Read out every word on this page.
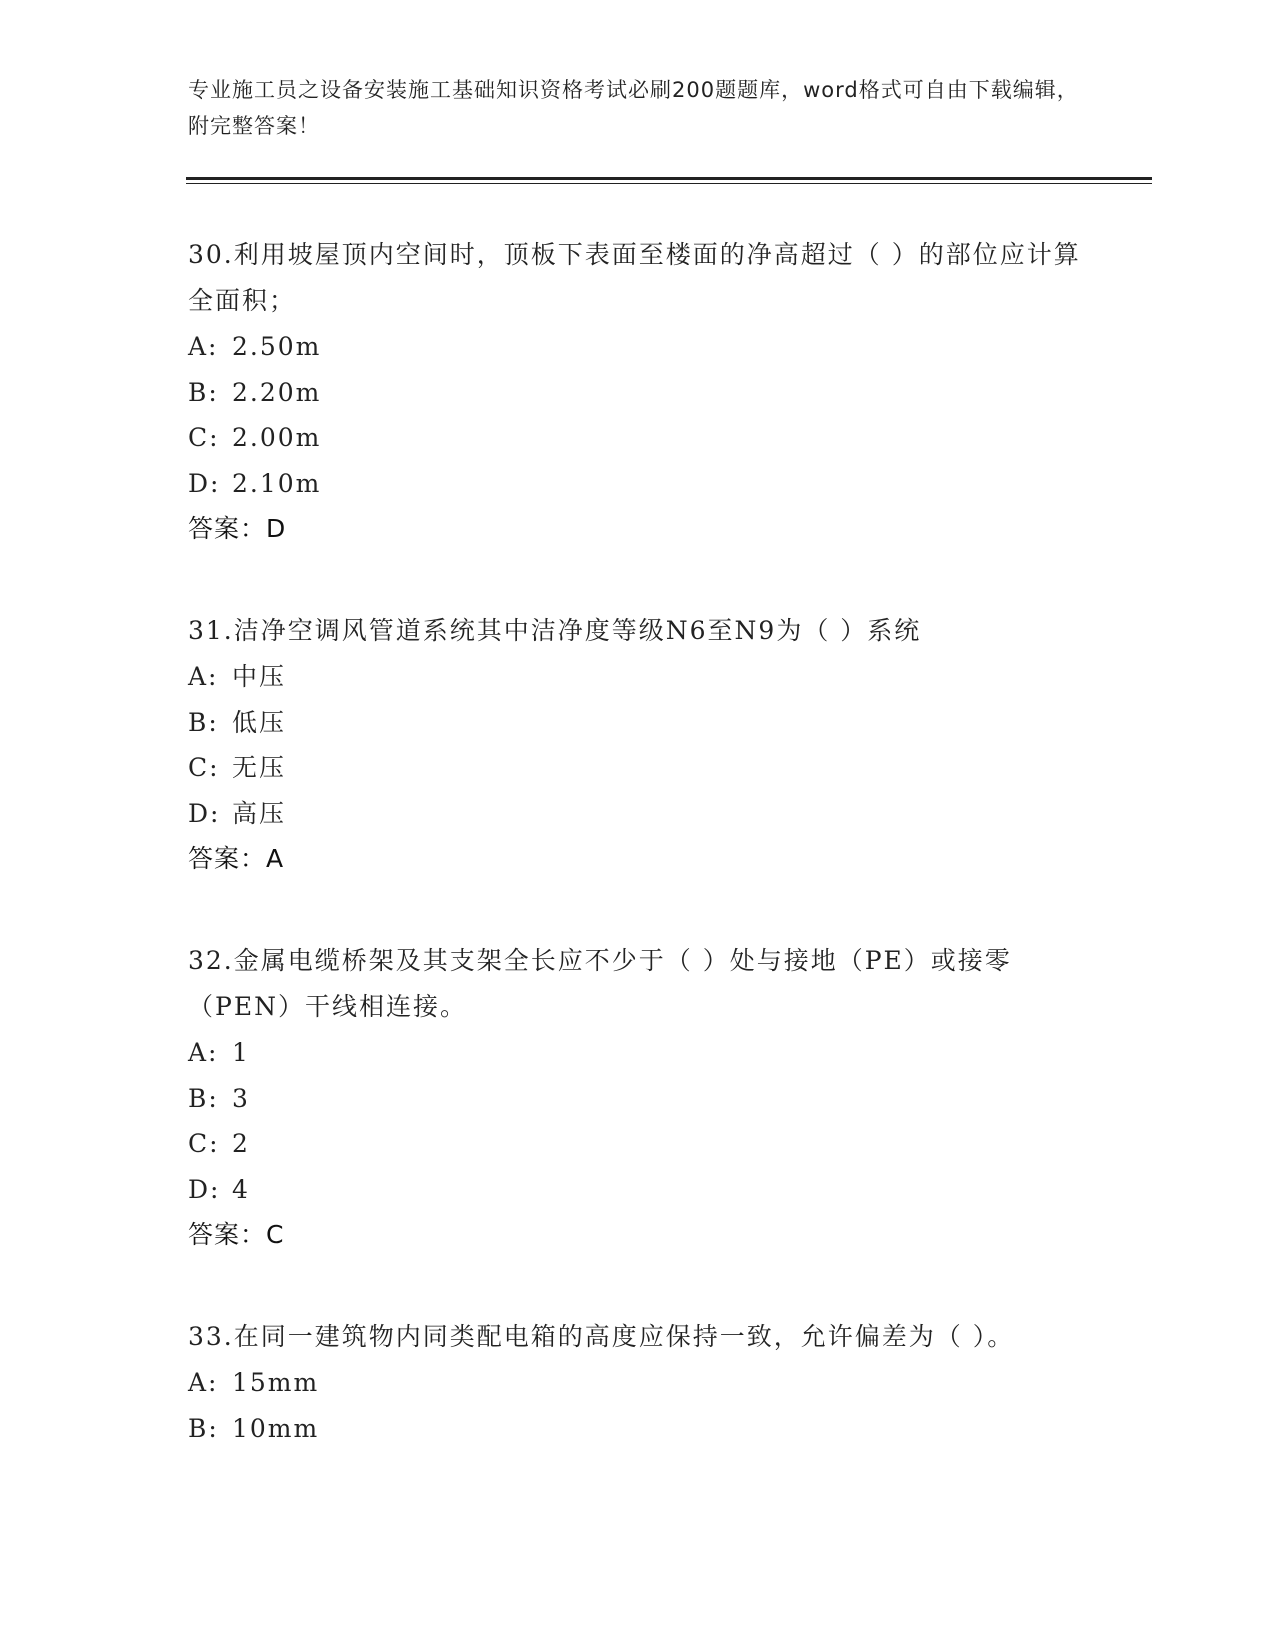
专业施工员之设备安装施工基础知识资格考试必刷200题题库，word格式可自由下载编辑，附完整答案！
30.利用坡屋顶内空间时，顶板下表面至楼面的净高超过（ ）的部位应计算全面积；
A: 2.50m
B: 2.20m
C: 2.00m
D: 2.10m
答案：D
31.洁净空调风管道系统其中洁净度等级N6至N9为（ ）系统
A: 中压
B: 低压
C: 无压
D: 高压
答案：A
32.金属电缆桥架及其支架全长应不少于（ ）处与接地（PE）或接零（PEN）干线相连接。
A: 1
B: 3
C: 2
D: 4
答案：C
33.在同一建筑物内同类配电箱的高度应保持一致，允许偏差为（ ）。
A: 15mm
B: 10mm
